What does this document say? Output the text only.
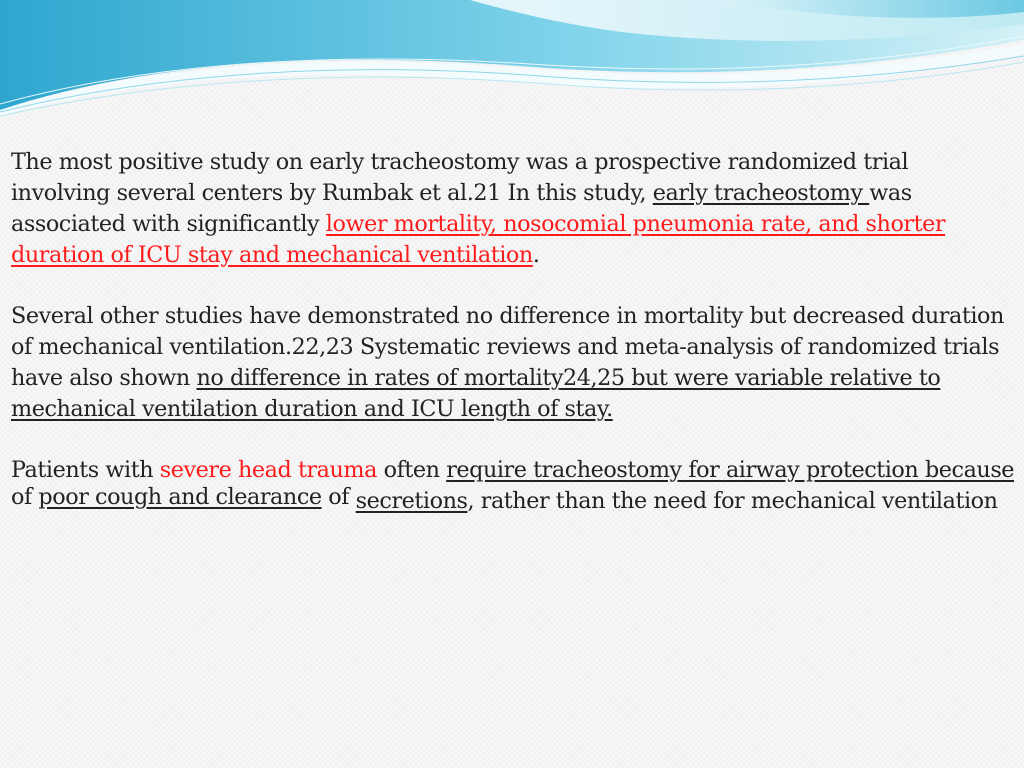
The most positive study on early tracheostomy was a prospective randomized trial
involving several centers by Rumbak et al.21 In this study, early tracheostomy was
associated with significantly lower mortality, nosocomial pneumonia rate, and shorter
duration of ICU stay and mechanical ventilation.
Several other studies have demonstrated no difference in mortality but decreased duration
of mechanical ventilation.22,23 Systematic reviews and meta-analysis of randomized trials
have also shown no difference in rates of mortality24,25 but were variable relative to
mechanical ventilation duration and ICU length of stay.
Patients with severe head trauma often require tracheostomy for airway protection because
of poor cough and clearance of secretions, rather than the need for mechanical ventilation
